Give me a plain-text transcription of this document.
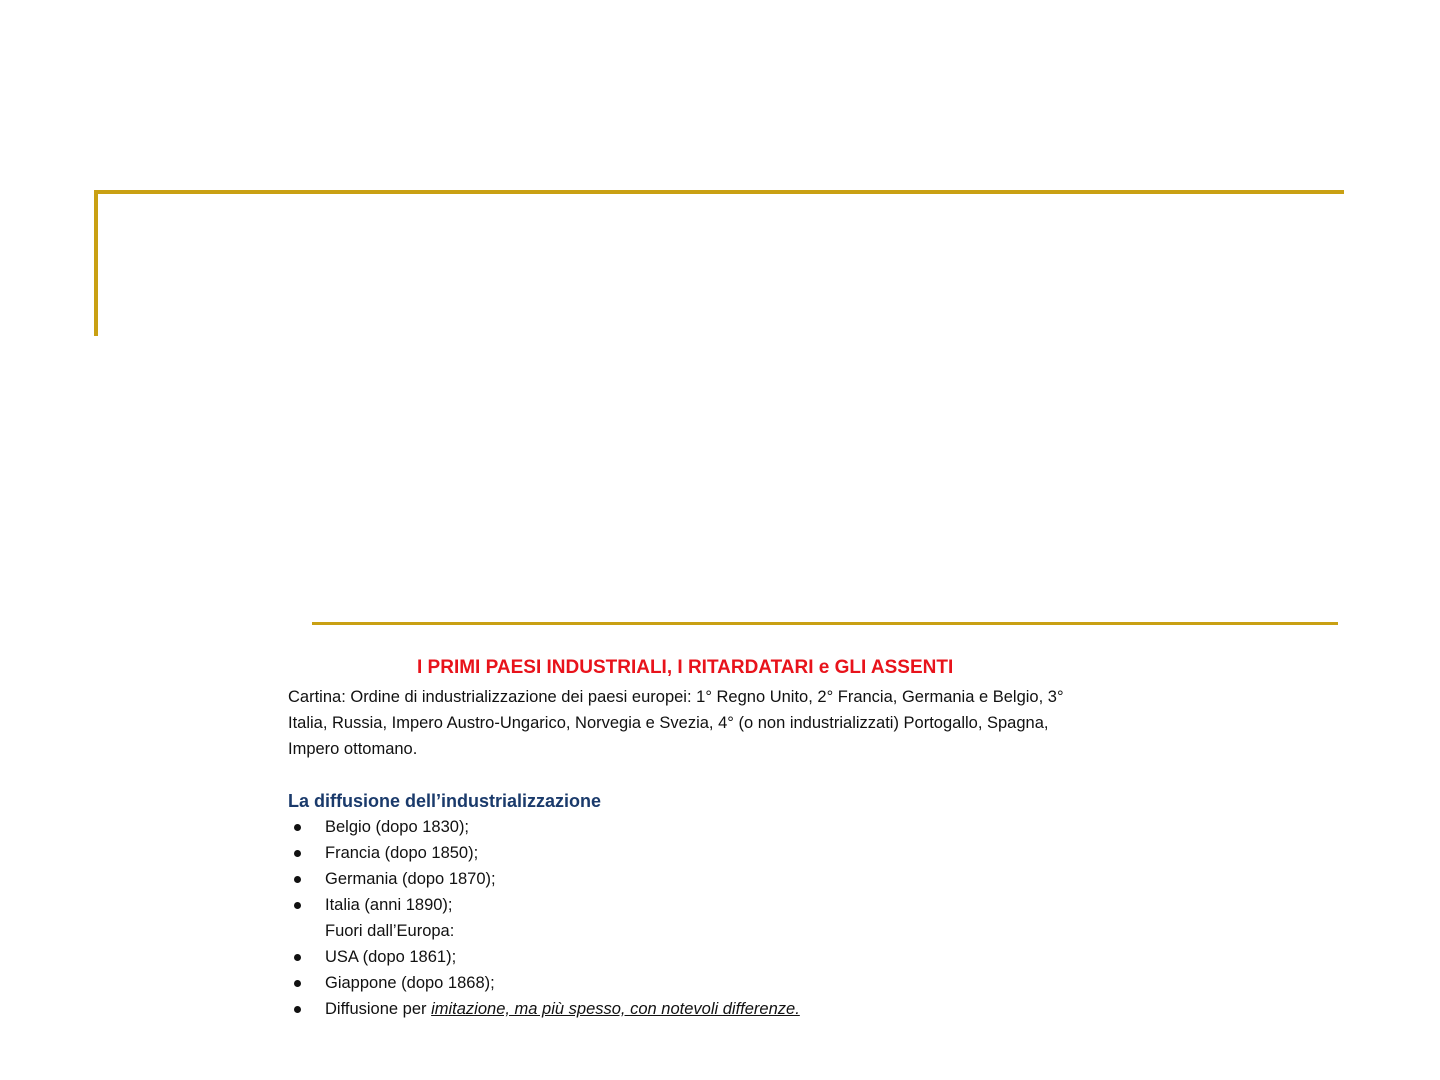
I PRIMI PAESI INDUSTRIALI, I RITARDATARI e GLI ASSENTI

Cartina: Ordine di industrializzazione dei paesi europei: 1° Regno Unito, 2° Francia, Germania e Belgio, 3° Italia, Russia, Impero Austro-Ungarico, Norvegia e Svezia, 4° (o non industrializzati) Portogallo, Spagna, Impero ottomano.

La diffusione dell’industrializzazione
Belgio (dopo 1830);
Francia (dopo 1850);
Germania (dopo 1870);
Italia (anni 1890);
Fuori dall’Europa:
USA (dopo 1861);
Giappone (dopo 1868);
Diffusione per imitazione, ma più spesso, con notevoli differenze.
